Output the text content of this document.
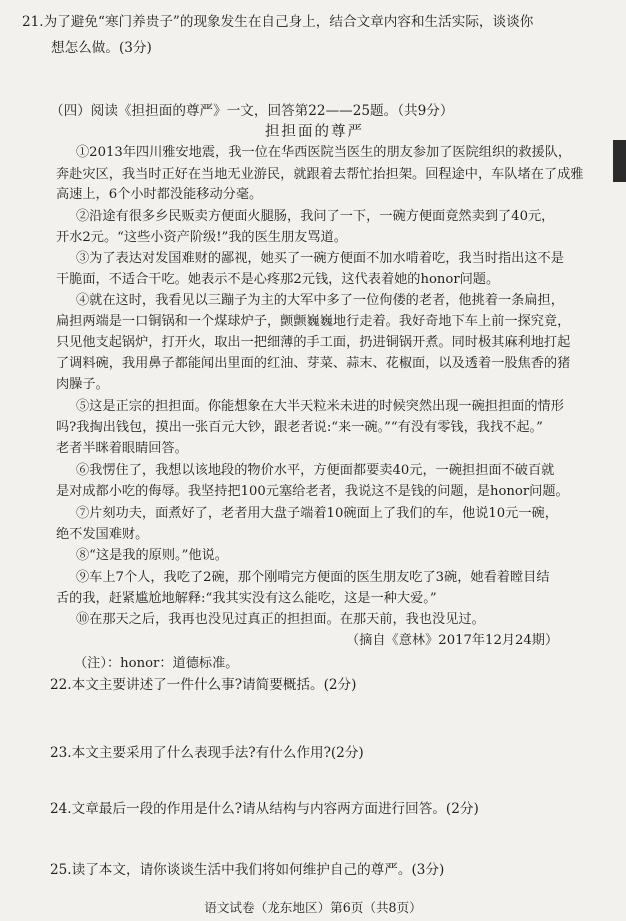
21.为了避免“寒门养贵子”的现象发生在自己身上，结合文章内容和生活实际，谈谈你
想怎么做。(3分)
（四）阅读《担担面的尊严》一文，回答第22——25题。（共9分）
担担面的尊严
①2013年四川雅安地震，我一位在华西医院当医生的朋友参加了医院组织的救援队，
奔赴灾区，我当时正好在当地无业游民，就跟着去帮忙抬担架。回程途中，车队堵在了成雅
高速上，6个小时都没能移动分毫。
②沿途有很多乡民贩卖方便面火腿肠，我问了一下，一碗方便面竟然卖到了40元，
开水2元。“这些小资产阶级!”我的医生朋友骂道。
③为了表达对发国难财的鄙视，她买了一碗方便面不加水啃着吃，我当时指出这不是
干脆面，不适合干吃。她表示不是心疼那2元钱，这代表着她的honor问题。
④就在这时，我看见以三蹦子为主的大军中多了一位佝偻的老者，他挑着一条扁担，
扁担两端是一口铜锅和一个煤球炉子，颤颤巍巍地行走着。我好奇地下车上前一探究竟，
只见他支起锅炉，打开火，取出一把细薄的手工面，扔进铜锅开煮。同时极其麻利地打起
了调料碗，我用鼻子都能闻出里面的红油、芽菜、蒜末、花椒面，以及透着一股焦香的猪
肉臊子。
⑤这是正宗的担担面。你能想象在大半天粒米未进的时候突然出现一碗担担面的情形
吗?我掏出钱包，摸出一张百元大钞，跟老者说:“来一碗。”“有没有零钱，我找不起。”
老者半眯着眼睛回答。
⑥我愣住了，我想以该地段的物价水平，方便面都要卖40元，一碗担担面不破百就
是对成都小吃的侮辱。我坚持把100元塞给老者，我说这不是钱的问题，是honor问题。
⑦片刻功夫，面煮好了，老者用大盘子端着10碗面上了我们的车，他说10元一碗，
绝不发国难财。
⑧“这是我的原则。”他说。
⑨车上7个人，我吃了2碗，那个刚啃完方便面的医生朋友吃了3碗，她看着瞠目结
舌的我，赶紧尴尬地解释:“我其实没有这么能吃，这是一种大爱。”
⑩在那天之后，我再也没见过真正的担担面。在那天前，我也没见过。
（摘自《意林》2017年12月24期）
（注）：honor：道德标准。
22.本文主要讲述了一件什么事?请简要概括。(2分)
23.本文主要采用了什么表现手法?有什么作用?(2分)
24.文章最后一段的作用是什么?请从结构与内容两方面进行回答。(2分)
25.读了本文，请你谈谈生活中我们将如何维护自己的尊严。(3分)
语文试卷（龙东地区）第6页（共8页）
